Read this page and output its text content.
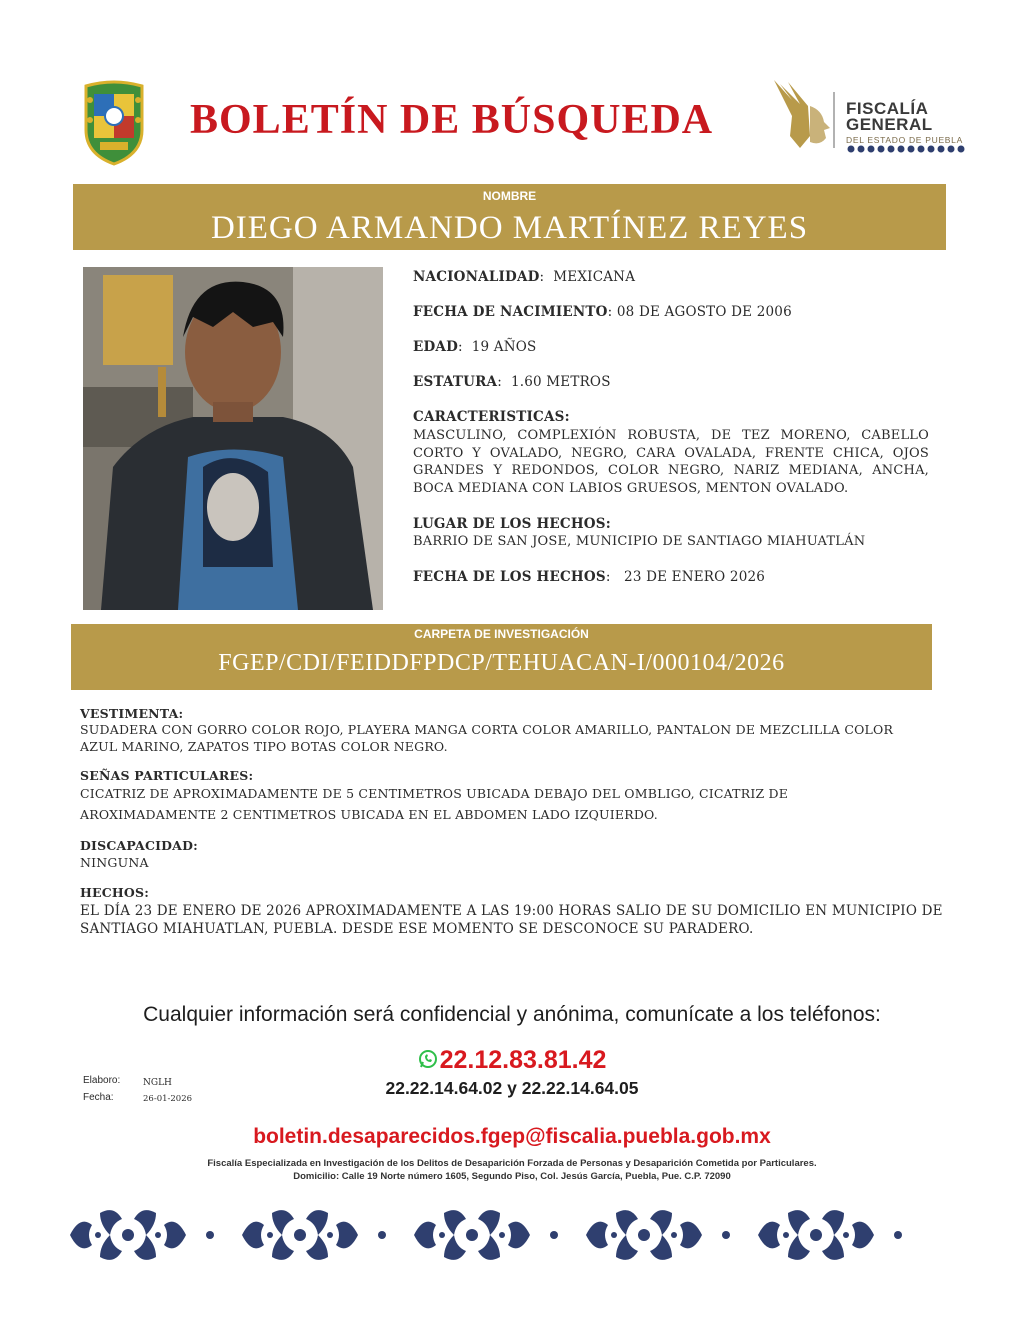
BOLETÍN DE BÚSQUEDA	FISCALÍA
GENERAL
DEL ESTADO DE PUEBLA
NOMBRE
DIEGO ARMANDO MARTÍNEZ REYES
NACIONALIDAD:  MEXICANA
FECHA DE NACIMIENTO: 08 DE AGOSTO DE 2006
EDAD:  19 AÑOS
ESTATURA:  1.60 METROS
CARACTERISTICAS:
MASCULINO, COMPLEXIÓN ROBUSTA, DE TEZ MORENO, CABELLO CORTO Y OVALADO, NEGRO, CARA OVALADA, FRENTE CHICA, OJOS GRANDES Y REDONDOS, COLOR NEGRO, NARIZ MEDIANA, ANCHA, BOCA MEDIANA CON LABIOS GRUESOS, MENTON OVALADO.
LUGAR DE LOS HECHOS:
BARRIO DE SAN JOSE, MUNICIPIO DE SANTIAGO MIAHUATLÁN
FECHA DE LOS HECHOS:   23 DE ENERO 2026
CARPETA DE INVESTIGACIÓN
FGEP/CDI/FEIDDFPDCP/TEHUACAN-I/000104/2026
VESTIMENTA:
SUDADERA CON GORRO COLOR ROJO, PLAYERA MANGA CORTA COLOR AMARILLO, PANTALON DE MEZCLILLA COLOR AZUL MARINO, ZAPATOS TIPO BOTAS COLOR NEGRO.
SEÑAS PARTICULARES:
CICATRIZ DE APROXIMADAMENTE DE 5 CENTIMETROS UBICADA DEBAJO DEL OMBLIGO, CICATRIZ DE AROXIMADAMENTE 2 CENTIMETROS UBICADA EN EL ABDOMEN LADO IZQUIERDO.
DISCAPACIDAD:
NINGUNA
HECHOS:
EL DÍA 23 DE ENERO DE 2026 APROXIMADAMENTE A LAS 19:00 HORAS SALIO DE SU DOMICILIO EN MUNICIPIO DE SANTIAGO MIAHUATLAN, PUEBLA. DESDE ESE MOMENTO SE DESCONOCE SU PARADERO.
Cualquier información será confidencial y anónima, comunícate a los teléfonos:
22.12.83.81.42
22.22.14.64.02 y 22.22.14.64.05
Elaboro:	NGLH
Fecha:	26-01-2026
boletin.desaparecidos.fgep@fiscalia.puebla.gob.mx
Fiscalía Especializada en Investigación de los Delitos de Desaparición Forzada de Personas y Desaparición Cometida por Particulares.
Domicilio: Calle 19 Norte número 1605, Segundo Piso, Col. Jesús García, Puebla, Pue. C.P. 72090
